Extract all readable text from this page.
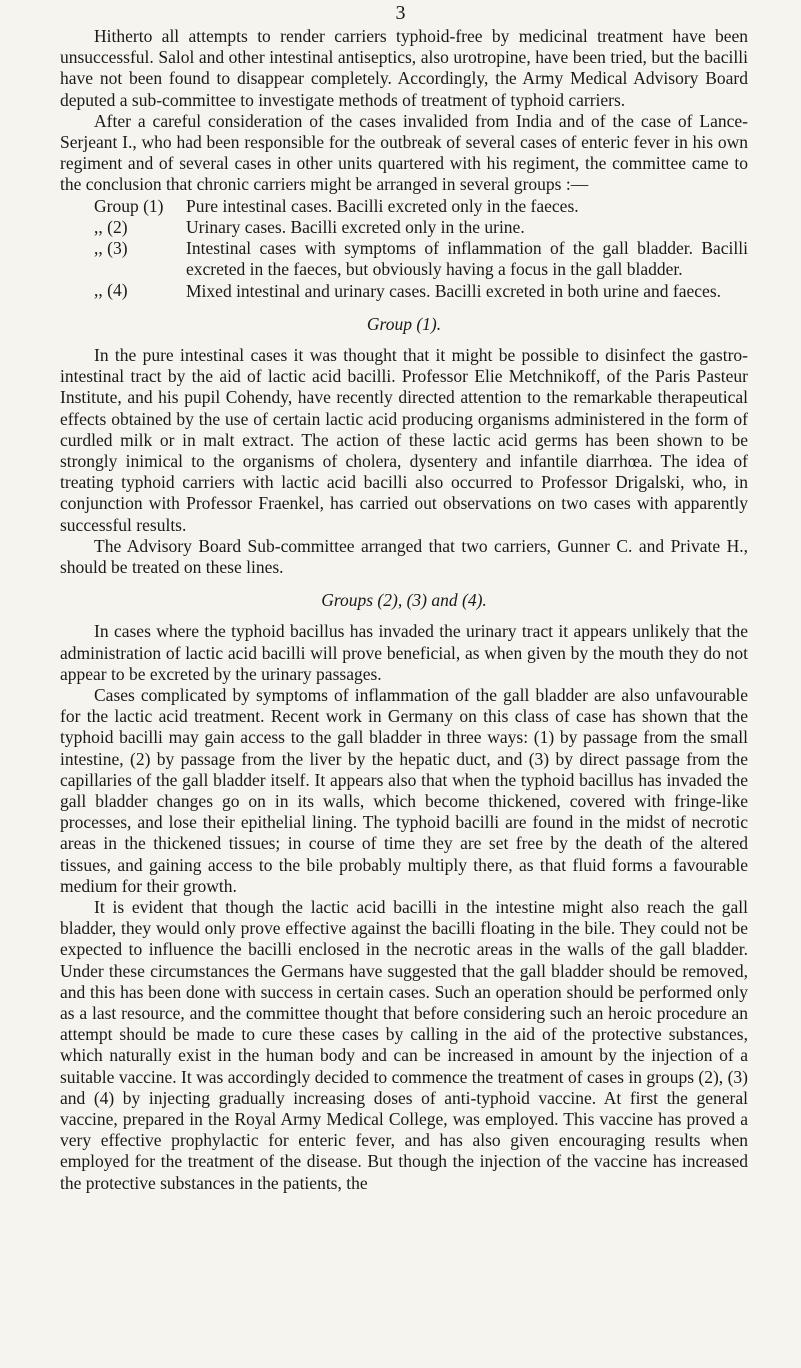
3

Hitherto all attempts to render carriers typhoid-free by medicinal treatment have been unsuccessful. Salol and other intestinal antiseptics, also urotropine, have been tried, but the bacilli have not been found to disappear completely. Accordingly, the Army Medical Advisory Board deputed a sub-committee to investigate methods of treatment of typhoid carriers.

After a careful consideration of the cases invalided from India and of the case of Lance-Serjeant I., who had been responsible for the outbreak of several cases of enteric fever in his own regiment and of several cases in other units quartered with his regiment, the committee came to the conclusion that chronic carriers might be arranged in several groups :—

Group (1)	Pure intestinal cases. Bacilli excreted only in the faeces.
,, (2)	Urinary cases. Bacilli excreted only in the urine.
,, (3)	Intestinal cases with symptoms of inflammation of the gall bladder. Bacilli excreted in the faeces, but obviously having a focus in the gall bladder.
,, (4)	Mixed intestinal and urinary cases. Bacilli excreted in both urine and faeces.

Group (1).

In the pure intestinal cases it was thought that it might be possible to disinfect the gastro-intestinal tract by the aid of lactic acid bacilli. Professor Elie Metchnikoff, of the Paris Pasteur Institute, and his pupil Cohendy, have recently directed attention to the remarkable therapeutical effects obtained by the use of certain lactic acid producing organisms administered in the form of curdled milk or in malt extract. The action of these lactic acid germs has been shown to be strongly inimical to the organisms of cholera, dysentery and infantile diarrhœa. The idea of treating typhoid carriers with lactic acid bacilli also occurred to Professor Drigalski, who, in conjunction with Professor Fraenkel, has carried out observations on two cases with apparently successful results.

The Advisory Board Sub-committee arranged that two carriers, Gunner C. and Private H., should be treated on these lines.

Groups (2), (3) and (4).

In cases where the typhoid bacillus has invaded the urinary tract it appears unlikely that the administration of lactic acid bacilli will prove beneficial, as when given by the mouth they do not appear to be excreted by the urinary passages.

Cases complicated by symptoms of inflammation of the gall bladder are also unfavourable for the lactic acid treatment. Recent work in Germany on this class of case has shown that the typhoid bacilli may gain access to the gall bladder in three ways: (1) by passage from the small intestine, (2) by passage from the liver by the hepatic duct, and (3) by direct passage from the capillaries of the gall bladder itself. It appears also that when the typhoid bacillus has invaded the gall bladder changes go on in its walls, which become thickened, covered with fringe-like processes, and lose their epithelial lining. The typhoid bacilli are found in the midst of necrotic areas in the thickened tissues; in course of time they are set free by the death of the altered tissues, and gaining access to the bile probably multiply there, as that fluid forms a favourable medium for their growth.

It is evident that though the lactic acid bacilli in the intestine might also reach the gall bladder, they would only prove effective against the bacilli floating in the bile. They could not be expected to influence the bacilli enclosed in the necrotic areas in the walls of the gall bladder. Under these circumstances the Germans have suggested that the gall bladder should be removed, and this has been done with success in certain cases. Such an operation should be performed only as a last resource, and the committee thought that before considering such an heroic procedure an attempt should be made to cure these cases by calling in the aid of the protective substances, which naturally exist in the human body and can be increased in amount by the injection of a suitable vaccine. It was accordingly decided to commence the treatment of cases in groups (2), (3) and (4) by injecting gradually increasing doses of anti-typhoid vaccine. At first the general vaccine, prepared in the Royal Army Medical College, was employed. This vaccine has proved a very effective prophylactic for enteric fever, and has also given encouraging results when employed for the treatment of the disease. But though the injection of the vaccine has increased the protective substances in the patients, the
